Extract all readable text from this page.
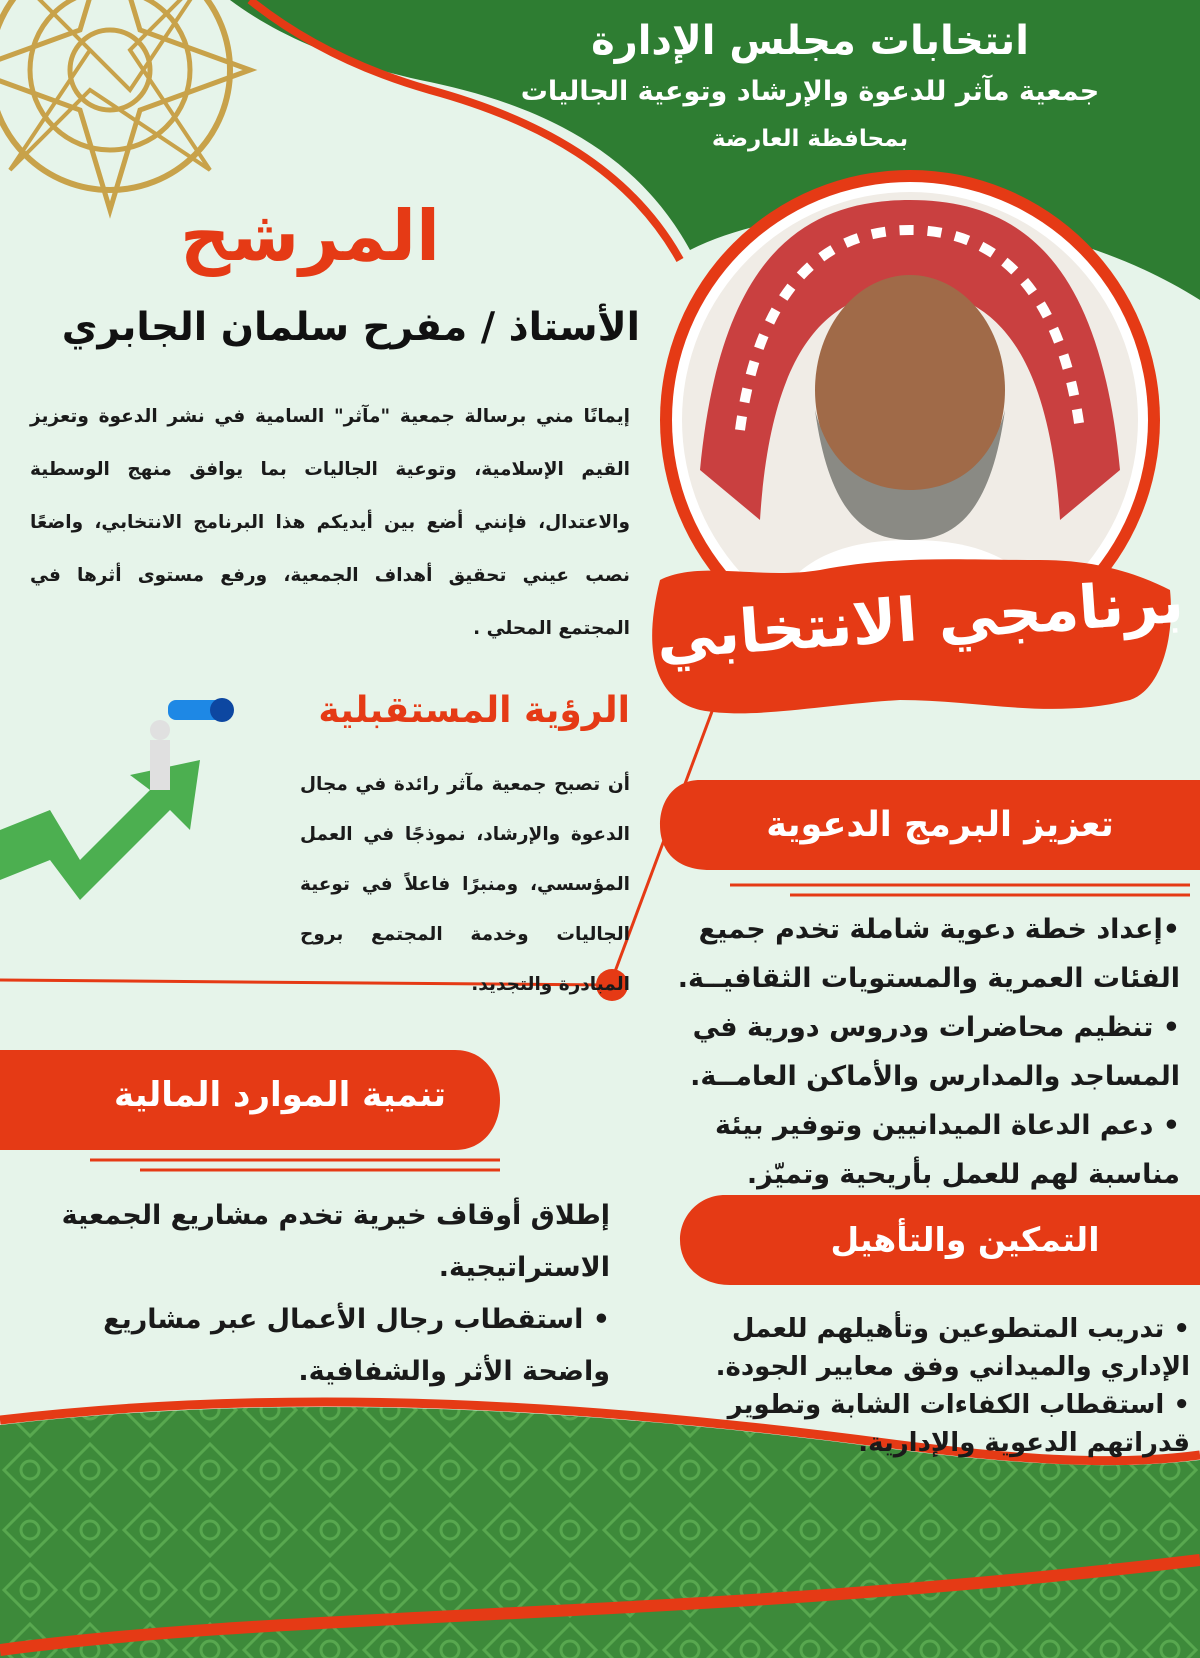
انتخابات مجلس الإدارة
جمعية مآثر للدعوة والإرشاد وتوعية الجاليات
بمحافظة العارضة
المرشح
الأستاذ / مفرح سلمان الجابري
إيمانًا مني برسالة جمعية "مآثر" السامية في نشر الدعوة وتعزيز القيم الإسلامية، وتوعية الجاليات بما يوافق منهج الوسطية والاعتدال، فإنني أضع بين أيديكم هذا البرنامج الانتخابي، واضعًا نصب عيني تحقيق أهداف الجمعية، ورفع مستوى أثرها في المجتمع المحلي . برنامجي الانتخابي
الرؤية المستقبلية
أن تصبح جمعية مآثر رائدة في مجال الدعوة والإرشاد، نموذجًا في العمل المؤسسي، ومنبرًا فاعلاً في توعية الجاليات وخدمة المجتمع بروح المبادرة والتجديد.
تعزيز البرمج الدعوية

•إعداد خطة دعوية شاملة تخدم جميع الفئات العمرية والمستويات الثقافيــة.

• تنظيم محاضرات ودروس دورية في المساجد والمدارس والأماكن العامــة.

• دعم الدعاة الميدانيين وتوفير بيئة مناسبة لهم للعمل بأريحية وتميّز.

تنمية الموارد المالية

إطلاق أوقاف خيرية تخدم مشاريع الجمعية الاستراتيجية.

• استقطاب رجال الأعمال عبر مشاريع واضحة الأثر والشفافية.

التمكين والتأهيل

• تدريب المتطوعين وتأهيلهم للعمل الإداري والميداني وفق معايير الجودة.

• استقطاب الكفاءات الشابة وتطوير قدراتهم الدعوية والإدارية.
